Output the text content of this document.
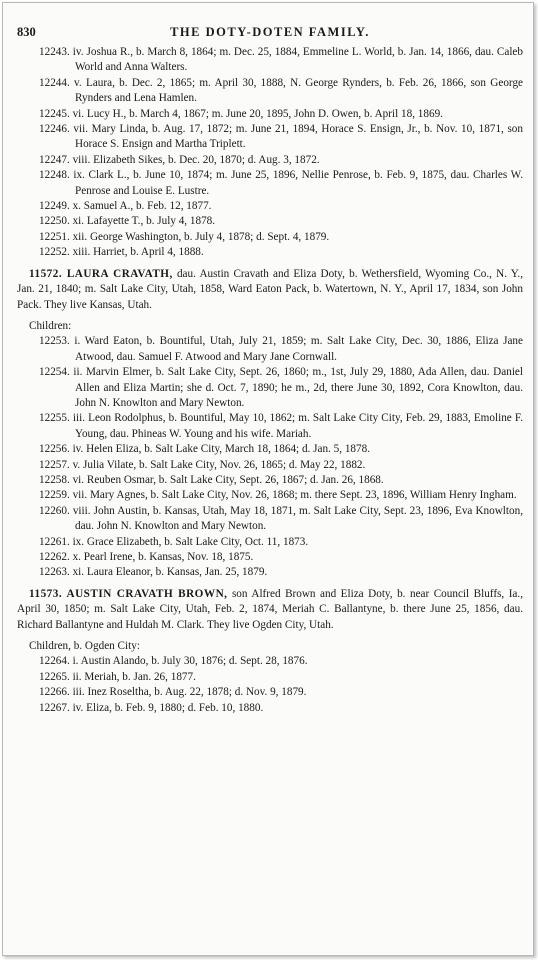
830	THE DOTY-DOTEN FAMILY.

12243. iv. Joshua R., b. March 8, 1864; m. Dec. 25, 1884, Emmeline L. World, b. Jan. 14, 1866, dau. Caleb World and Anna Walters.

12244. v. Laura, b. Dec. 2, 1865; m. April 30, 1888, N. George Rynders, b. Feb. 26, 1866, son George Rynders and Lena Hamlen.

12245. vi. Lucy H., b. March 4, 1867; m. June 20, 1895, John D. Owen, b. April 18, 1869.

12246. vii. Mary Linda, b. Aug. 17, 1872; m. June 21, 1894, Horace S. Ensign, Jr., b. Nov. 10, 1871, son Horace S. Ensign and Martha Triplett.

12247. viii. Elizabeth Sikes, b. Dec. 20, 1870; d. Aug. 3, 1872.

12248. ix. Clark L., b. June 10, 1874; m. June 25, 1896, Nellie Penrose, b. Feb. 9, 1875, dau. Charles W. Penrose and Louise E. Lustre.

12249. x. Samuel A., b. Feb. 12, 1877.

12250. xi. Lafayette T., b. July 4, 1878.

12251. xii. George Washington, b. July 4, 1878; d. Sept. 4, 1879.

12252. xiii. Harriet, b. April 4, 1888.

11572. LAURA CRAVATH, dau. Austin Cravath and Eliza Doty, b. Wethersfield, Wyoming Co., N. Y., Jan. 21, 1840; m. Salt Lake City, Utah, 1858, Ward Eaton Pack, b. Watertown, N. Y., April 17, 1834, son John Pack. They live Kansas, Utah.

Children:

12253. i. Ward Eaton, b. Bountiful, Utah, July 21, 1859; m. Salt Lake City, Dec. 30, 1886, Eliza Jane Atwood, dau. Samuel F. Atwood and Mary Jane Cornwall.

12254. ii. Marvin Elmer, b. Salt Lake City, Sept. 26, 1860; m., 1st, July 29, 1880, Ada Allen, dau. Daniel Allen and Eliza Martin; she d. Oct. 7, 1890; he m., 2d, there June 30, 1892, Cora Knowlton, dau. John N. Knowlton and Mary Newton.

12255. iii. Leon Rodolphus, b. Bountiful, May 10, 1862; m. Salt Lake City City, Feb. 29, 1883, Emoline F. Young, dau. Phineas W. Young and his wife. Mariah.

12256. iv. Helen Eliza, b. Salt Lake City, March 18, 1864; d. Jan. 5, 1878.

12257. v. Julia Vilate, b. Salt Lake City, Nov. 26, 1865; d. May 22, 1882.

12258. vi. Reuben Osmar, b. Salt Lake City, Sept. 26, 1867; d. Jan. 26, 1868.

12259. vii. Mary Agnes, b. Salt Lake City, Nov. 26, 1868; m. there Sept. 23, 1896, William Henry Ingham.

12260. viii. John Austin, b. Kansas, Utah, May 18, 1871, m. Salt Lake City, Sept. 23, 1896, Eva Knowlton, dau. John N. Knowlton and Mary Newton.

12261. ix. Grace Elizabeth, b. Salt Lake City, Oct. 11, 1873.

12262. x. Pearl Irene, b. Kansas, Nov. 18, 1875.

12263. xi. Laura Eleanor, b. Kansas, Jan. 25, 1879.

11573. AUSTIN CRAVATH BROWN, son Alfred Brown and Eliza Doty, b. near Council Bluffs, Ia., April 30, 1850; m. Salt Lake City, Utah, Feb. 2, 1874, Meriah C. Ballantyne, b. there June 25, 1856, dau. Richard Ballantyne and Huldah M. Clark. They live Ogden City, Utah.

Children, b. Ogden City:

12264. i. Austin Alando, b. July 30, 1876; d. Sept. 28, 1876.

12265. ii. Meriah, b. Jan. 26, 1877.

12266. iii. Inez Roseltha, b. Aug. 22, 1878; d. Nov. 9, 1879.

12267. iv. Eliza, b. Feb. 9, 1880; d. Feb. 10, 1880.
